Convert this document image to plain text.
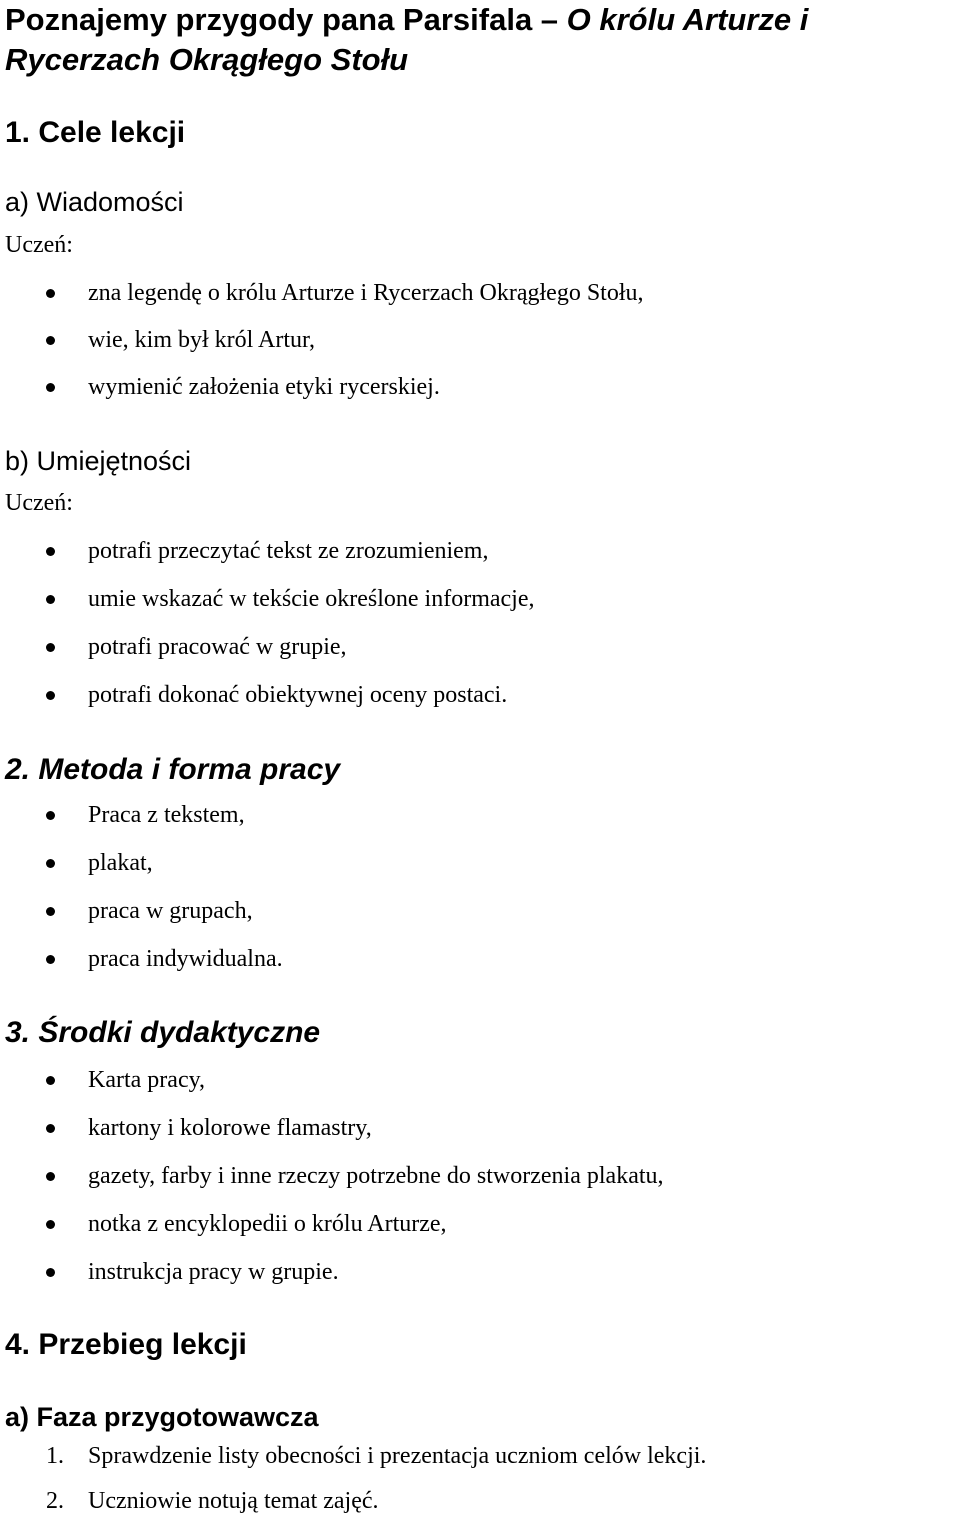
Poznajemy przygody pana Parsifala – O królu Arturze i
Rycerzach Okrągłego Stołu
1. Cele lekcji
a) Wiadomości
Uczeń:
zna legendę o królu Arturze i Rycerzach Okrągłego Stołu,
wie, kim był król Artur,
wymienić założenia etyki rycerskiej.
b) Umiejętności
Uczeń:
potrafi przeczytać tekst ze zrozumieniem,
umie wskazać w tekście określone informacje,
potrafi pracować w grupie,
potrafi dokonać obiektywnej oceny postaci.
2. Metoda i forma pracy
Praca z tekstem,
plakat,
praca w grupach,
praca indywidualna.
3. Środki dydaktyczne
Karta pracy,
kartony i kolorowe flamastry,
gazety, farby i inne rzeczy potrzebne do stworzenia plakatu,
notka z encyklopedii o królu Arturze,
instrukcja pracy w grupie.
4. Przebieg lekcji
a) Faza przygotowawcza
1. Sprawdzenie listy obecności i prezentacja uczniom celów lekcji.
2. Uczniowie notują temat zajęć.
